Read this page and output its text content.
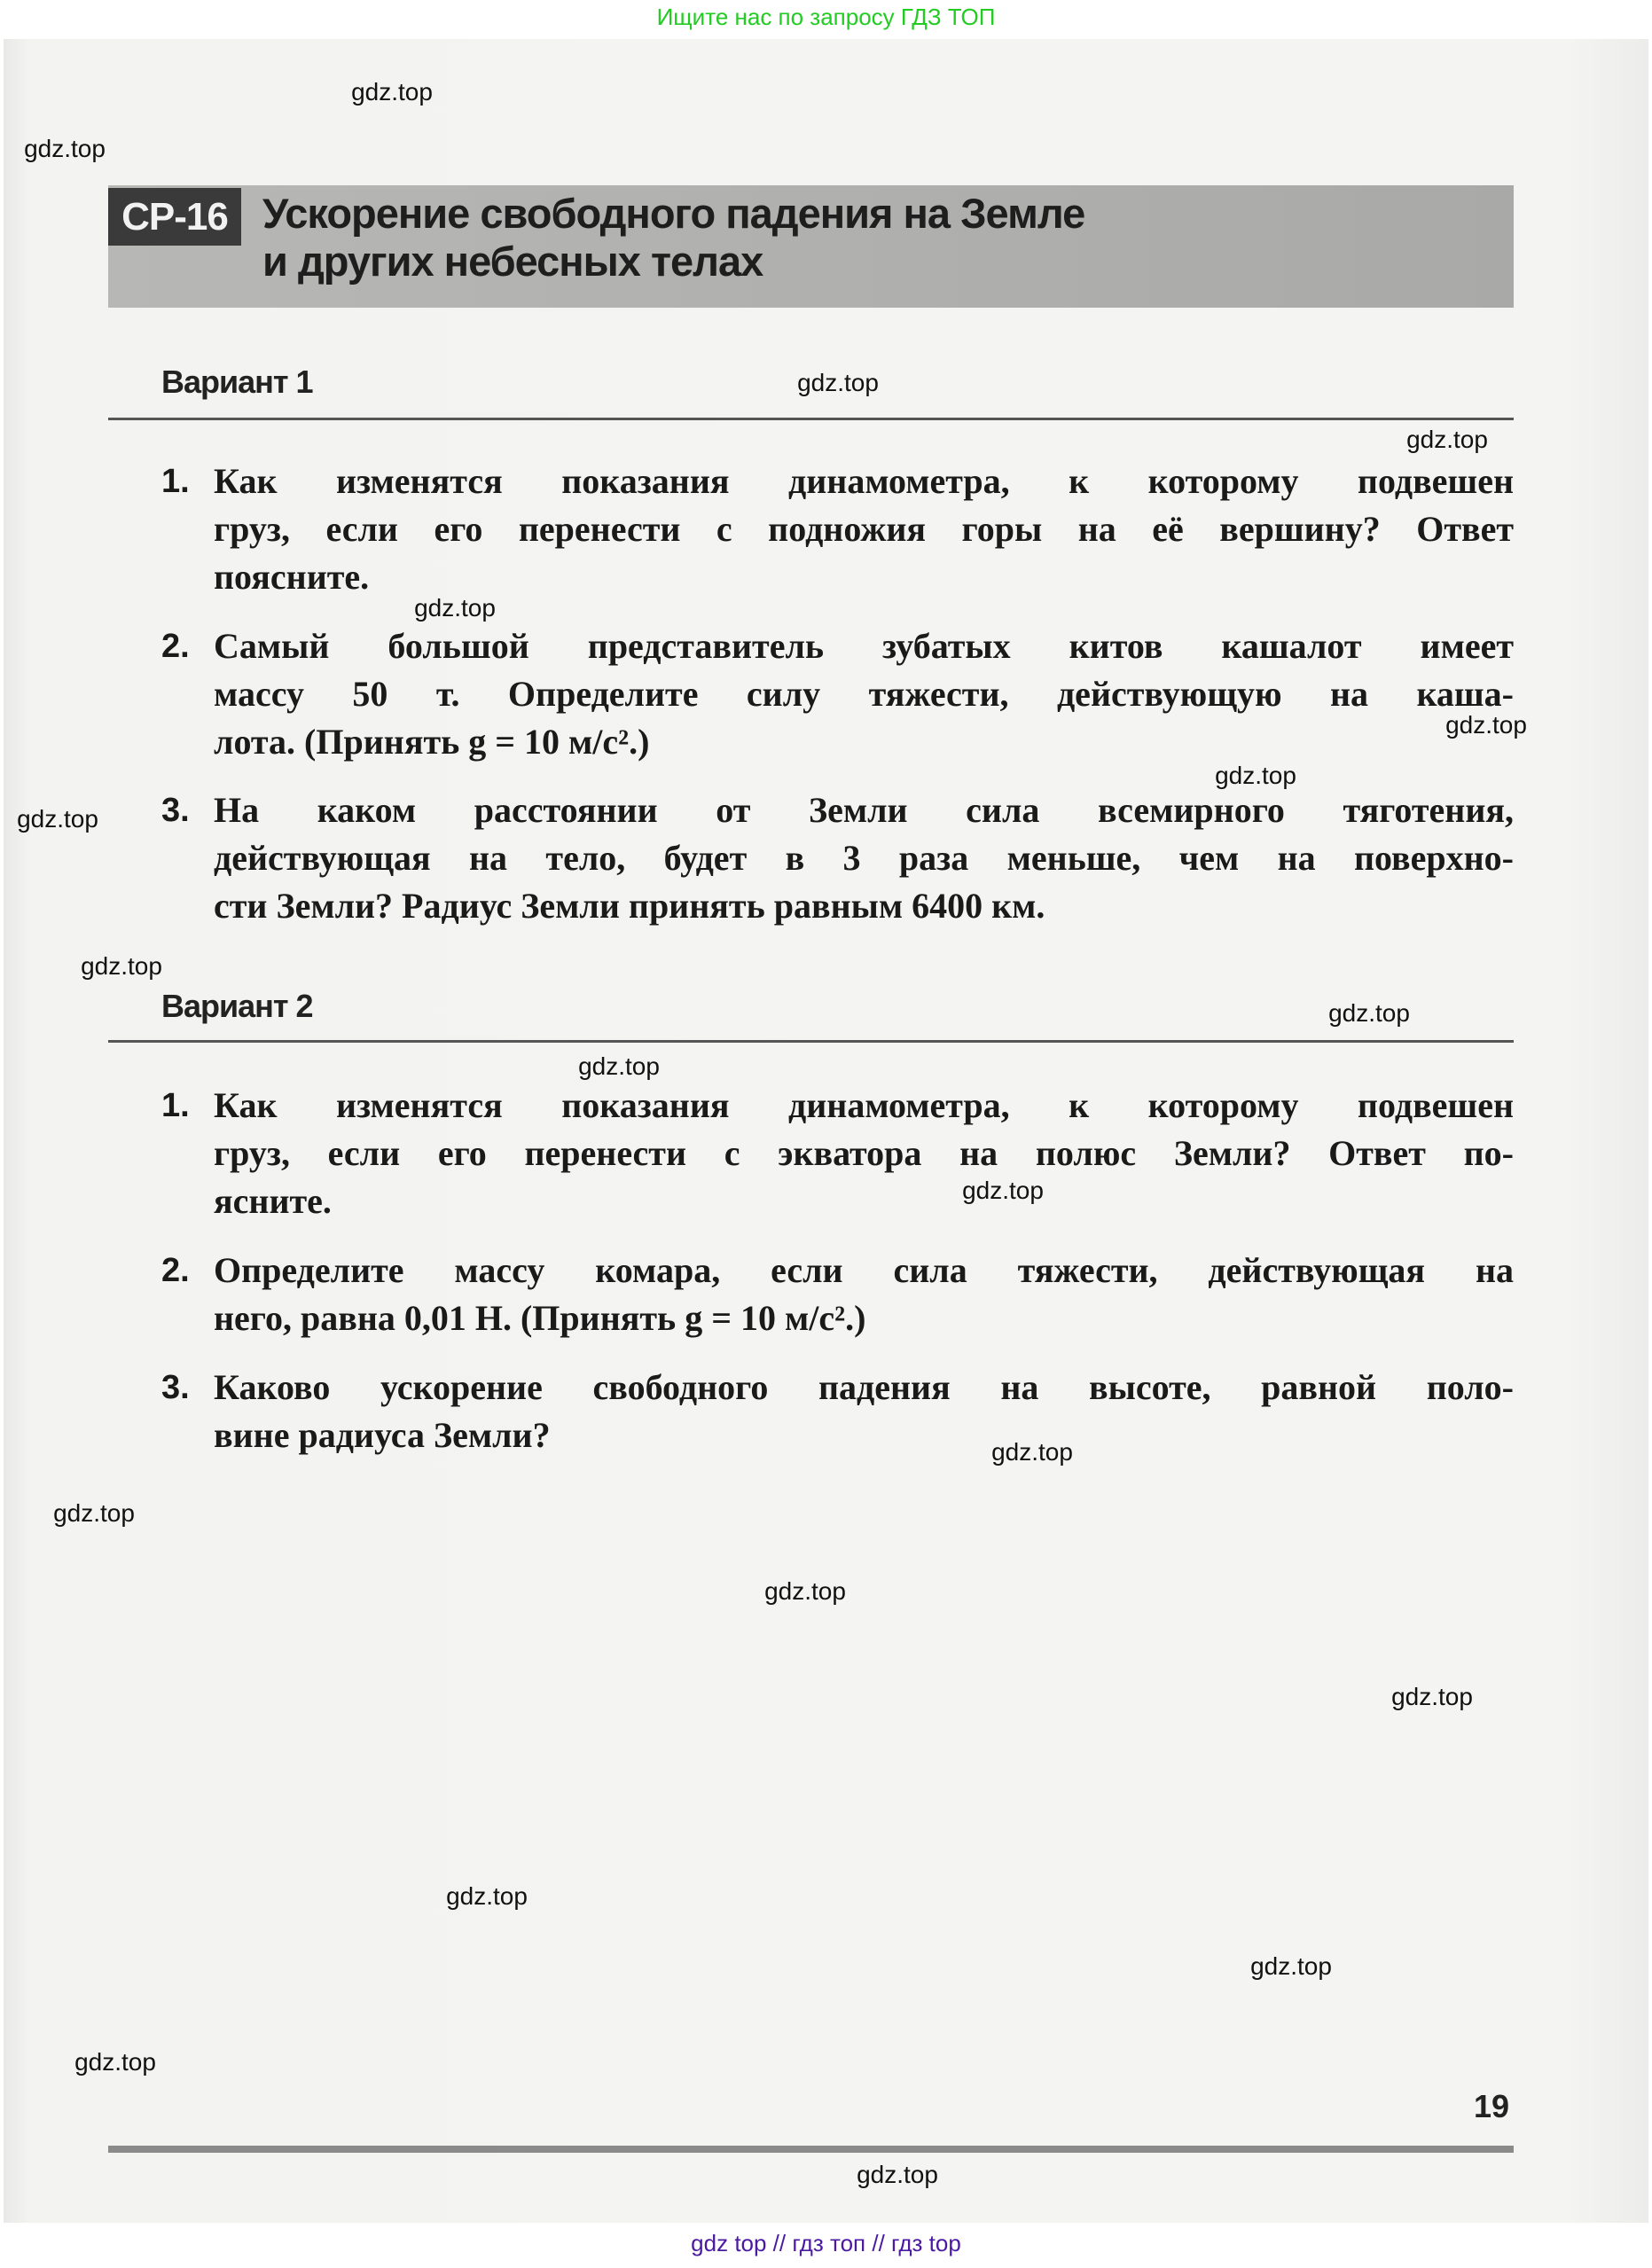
Ищите нас по запросу ГДЗ ТОП
СР-16 Ускорение свободного падения на Земле
и других небесных телах
Вариант 1
1. Как изменятся показания динамометра, к которому подвешен
груз, если его перенести с подножия горы на её вершину? Ответ
поясните.
2. Самый большой представитель зубатых китов кашалот имеет
массу 50 т. Определите силу тяжести, действующую на кашa-
лота. (Принять g = 10 м/с².)
3. На каком расстоянии от Земли сила всемирного тяготения,
действующая на тело, будет в 3 раза меньше, чем на поверхно-
сти Земли? Радиус Земли принять равным 6400 км.
Вариант 2
1. Как изменятся показания динамометра, к которому подвешен
груз, если его перенести с экватора на полюс Земли? Ответ по-
ясните.
2. Определите массу комара, если сила тяжести, действующая на
него, равна 0,01 Н. (Принять g = 10 м/с².)
3. Каково ускорение свободного падения на высоте, равной поло-
вине радиуса Земли?
19
gdz.top
gdz.top
gdz.top
gdz.top
gdz.top
gdz.top
gdz.top
gdz.top
gdz.top
gdz.top
gdz.top
gdz.top
gdz.top
gdz.top
gdz.top
gdz.top
gdz.top
gdz.top
gdz.top
gdz.top
gdz top // гдз топ // гдз top
